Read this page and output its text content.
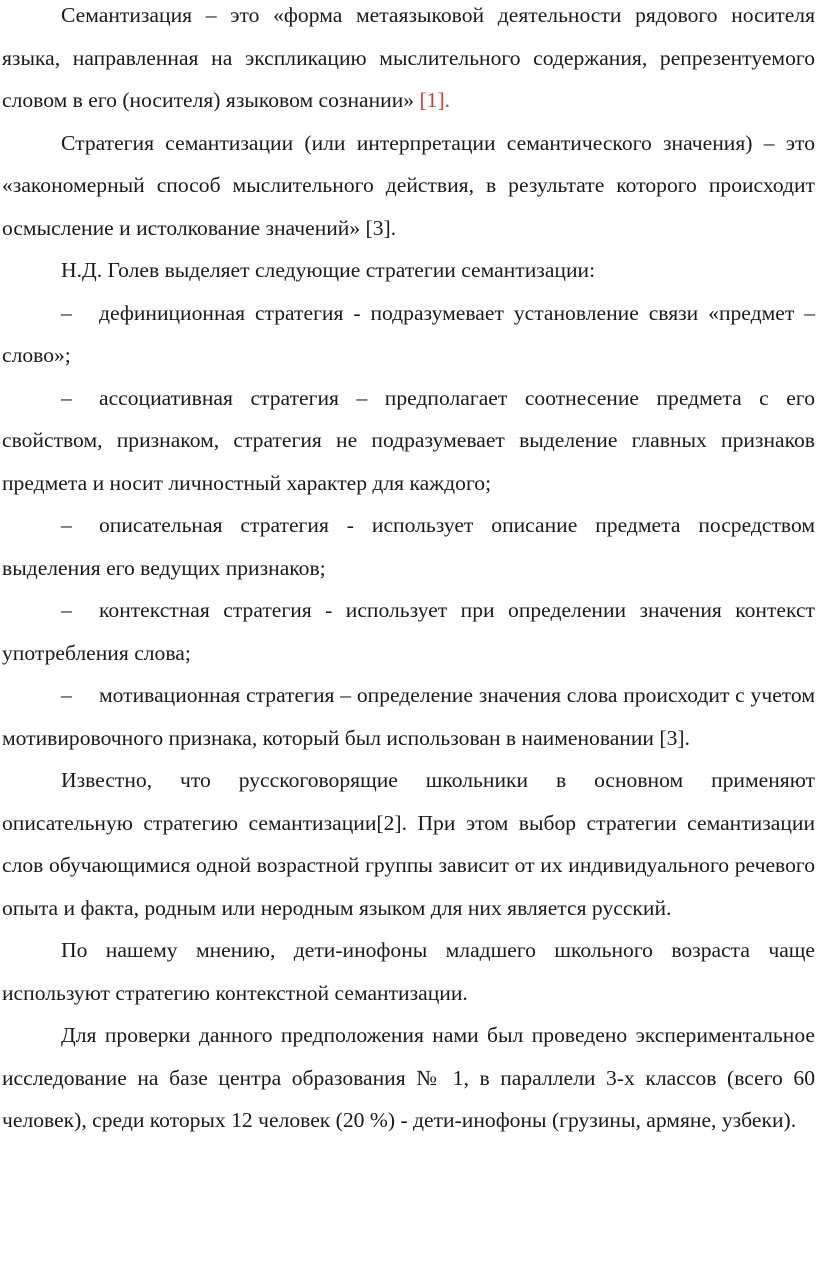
Семантизация – это «форма метаязыковой деятельности рядового носителя языка, направленная на экспликацию мыслительного содержания, репрезентуемого словом в его (носителя) языковом сознании» [1].

Стратегия семантизации (или интерпретации семантического значения) – это «закономерный способ мыслительного действия, в результате которого происходит осмысление и истолкование значений» [3].

Н.Д. Голев выделяет следующие стратегии семантизации:

– дефиниционная стратегия - подразумевает установление связи «предмет – слово»;

– ассоциативная стратегия – предполагает соотнесение предмета с его свойством, признаком, стратегия не подразумевает выделение главных признаков предмета и носит личностный характер для каждого;

– описательная стратегия - использует описание предмета посредством выделения его ведущих признаков;

– контекстная стратегия - использует при определении значения контекст употребления слова;

– мотивационная стратегия – определение значения слова происходит с учетом мотивировочного признака, который был использован в наименовании [3].

Известно, что русскоговорящие школьники в основном применяют описательную стратегию семантизации[2]. При этом выбор стратегии семантизации слов обучающимися одной возрастной группы зависит от их индивидуального речевого опыта и факта, родным или неродным языком для них является русский.

По нашему мнению, дети-инофоны младшего школьного возраста чаще используют стратегию контекстной семантизации.

Для проверки данного предположения нами был проведено экспериментальное исследование на базе центра образования № 1, в параллели 3-х классов (всего 60 человек), среди которых 12 человек (20 %) - дети-инофоны (грузины, армяне, узбеки).
